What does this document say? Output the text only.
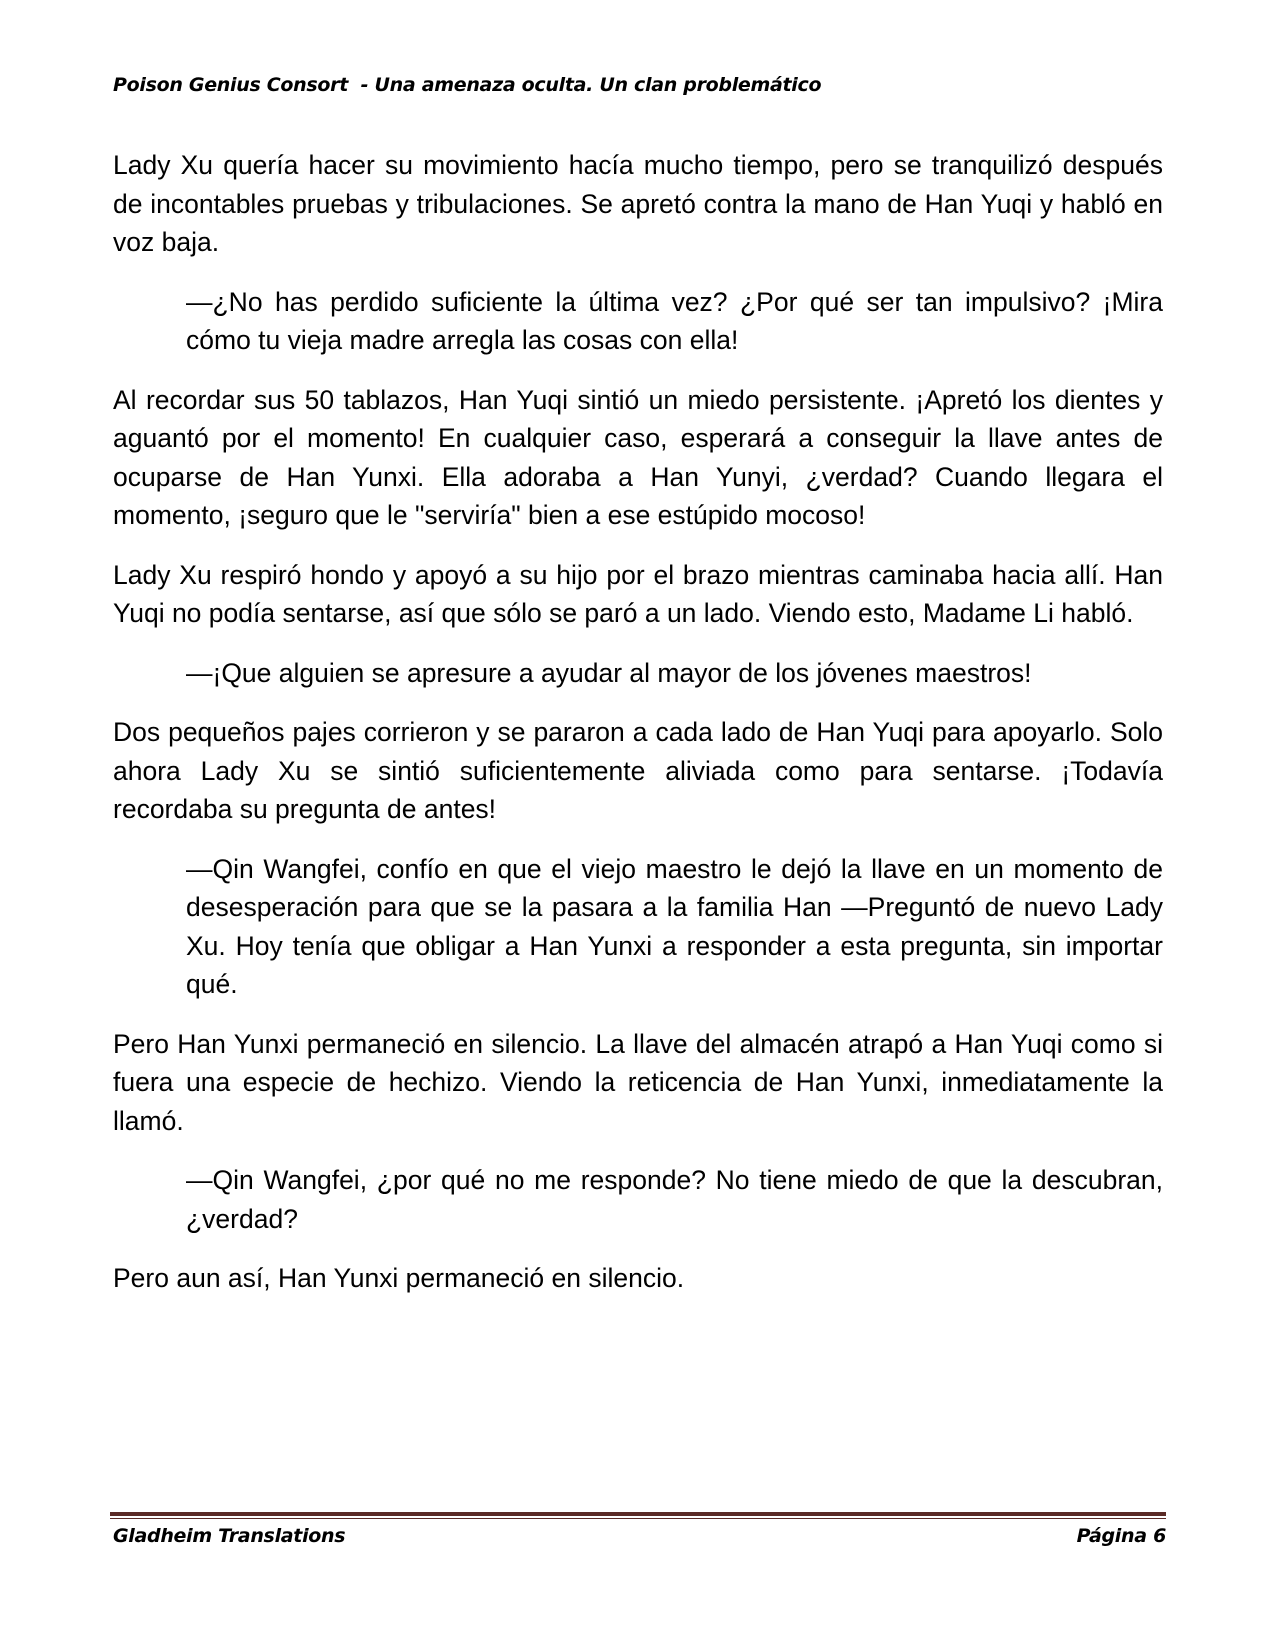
Poison Genius Consort  - Una amenaza oculta. Un clan problemático

Lady Xu quería hacer su movimiento hacía mucho tiempo, pero se tranquilizó después de incontables pruebas y tribulaciones. Se apretó contra la mano de Han Yuqi y habló en voz baja.

—¿No has perdido suficiente la última vez? ¿Por qué ser tan impulsivo? ¡Mira cómo tu vieja madre arregla las cosas con ella!

Al recordar sus 50 tablazos, Han Yuqi sintió un miedo persistente. ¡Apretó los dientes y aguantó por el momento! En cualquier caso, esperará a conseguir la llave antes de ocuparse de Han Yunxi. Ella adoraba a Han Yunyi, ¿verdad? Cuando llegara el momento, ¡seguro que le "serviría" bien a ese estúpido mocoso!

Lady Xu respiró hondo y apoyó a su hijo por el brazo mientras caminaba hacia allí. Han Yuqi no podía sentarse, así que sólo se paró a un lado. Viendo esto, Madame Li habló.

—¡Que alguien se apresure a ayudar al mayor de los jóvenes maestros!

Dos pequeños pajes corrieron y se pararon a cada lado de Han Yuqi para apoyarlo. Solo ahora Lady Xu se sintió suficientemente aliviada como para sentarse. ¡Todavía recordaba su pregunta de antes!

—Qin Wangfei, confío en que el viejo maestro le dejó la llave en un momento de desesperación para que se la pasara a la familia Han —Preguntó de nuevo Lady Xu. Hoy tenía que obligar a Han Yunxi a responder a esta pregunta, sin importar qué.

Pero Han Yunxi permaneció en silencio. La llave del almacén atrapó a Han Yuqi como si fuera una especie de hechizo. Viendo la reticencia de Han Yunxi, inmediatamente la llamó.

—Qin Wangfei, ¿por qué no me responde? No tiene miedo de que la descubran, ¿verdad?

Pero aun así, Han Yunxi permaneció en silencio.

Gladheim Translations	Página 6
